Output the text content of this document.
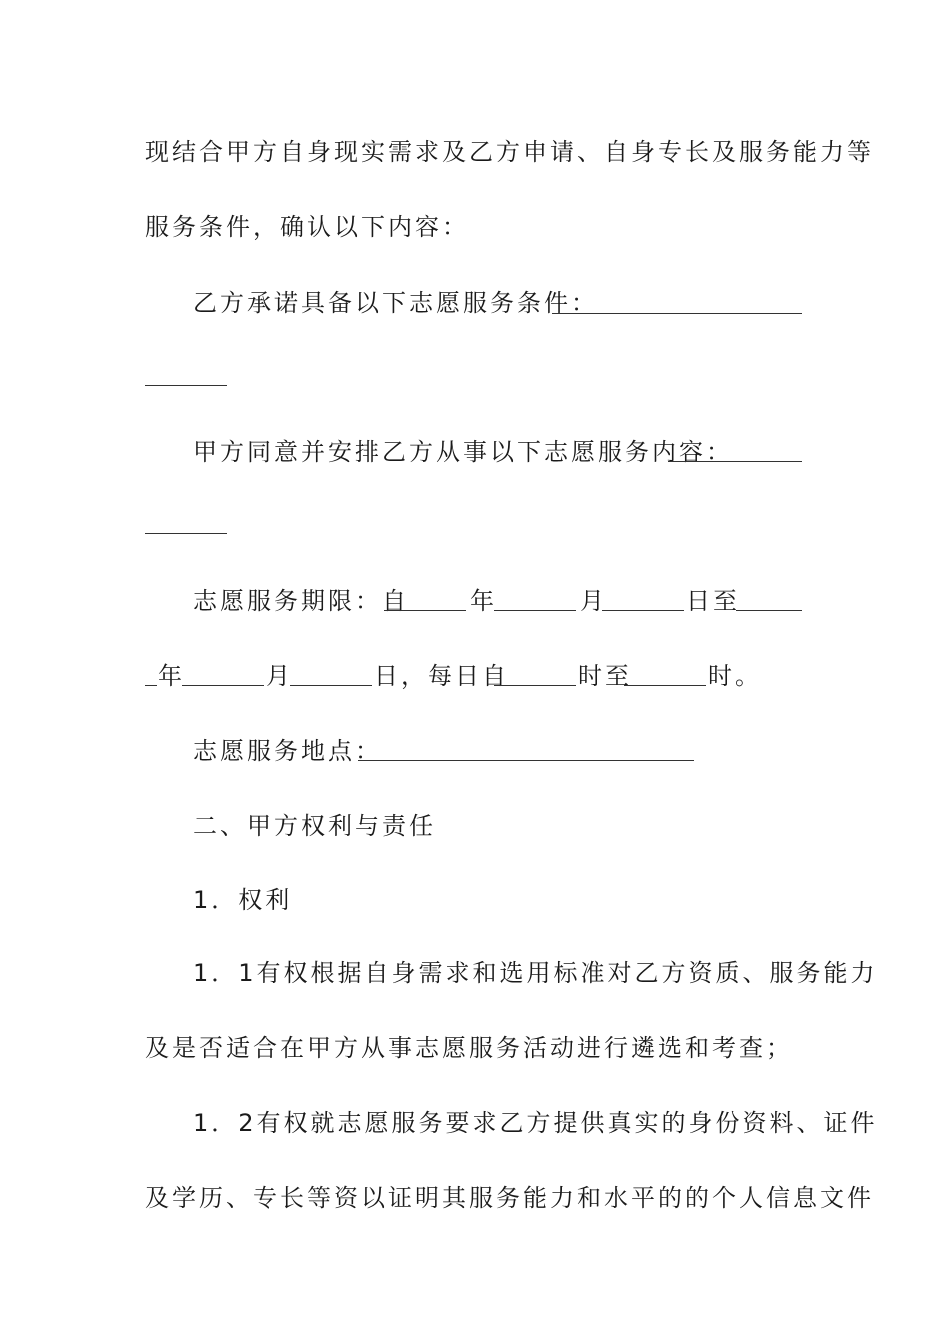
现结合甲方自身现实需求及乙方申请、自身专长及服务能力等
服务条件，确认以下内容：
乙方承诺具备以下志愿服务条件：
甲方同意并安排乙方从事以下志愿服务内容：
志愿服务期限：自	年	月	日至
年	月	日，每日自	时至	时。
志愿服务地点：
二、甲方权利与责任
1．权利
1．1有权根据自身需求和选用标准对乙方资质、服务能力
及是否适合在甲方从事志愿服务活动进行遴选和考查；
1．2有权就志愿服务要求乙方提供真实的身份资料、证件
及学历、专长等资以证明其服务能力和水平的的个人信息文件
